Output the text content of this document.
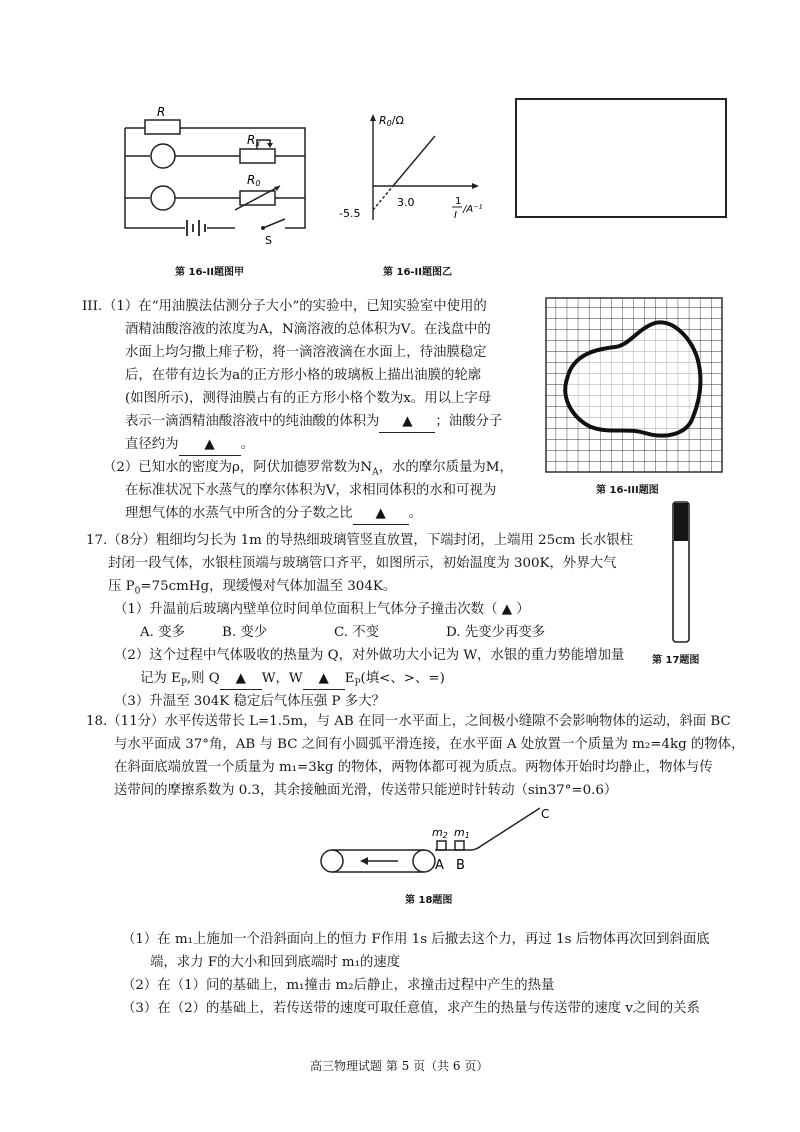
R
Rx
R0
S
第 16-II题图甲
R0/Ω
-5.5
3.0	1
I
/A⁻¹
第 16-II题图乙
III. （1）在“用油膜法估测分子大小”的实验中，已知实验室中使用的
酒精油酸溶液的浓度为A，N滴溶液的总体积为V。在浅盘中的
水面上均匀撒上痱子粉，将一滴溶液滴在水面上，待油膜稳定
后，在带有边长为a的正方形小格的玻璃板上描出油膜的轮廓
(如图所示)，测得油膜占有的正方形小格个数为x。用以上字母
表示一滴酒精油酸溶液中的纯油酸的体积为 ▲ ；油酸分子
直径约为 ▲ 。
（2）已知水的密度为ρ，阿伏加德罗常数为$N_A$，水的摩尔质量为M，
在标准状况下水蒸气的摩尔体积为V，求相同体积的水和可视为
理想气体的水蒸气中所含的分子数之比 ▲ 。
第 16-III题图
17.（8分）粗细均匀长为 1m 的导热细玻璃管竖直放置，下端封闭，上端用 25cm 长水银柱
封闭一段气体，水银柱顶端与玻璃管口齐平，如图所示，初始温度为 300K，外界大气
压 $P_0=75cmHg$，现缓慢对气体加温至 304K。
（1）升温前后玻璃内壁单位时间单位面积上气体分子撞击次数（ ▲ ）
A. 变多	B. 变少	C. 不变	D. 先变少再变多
（2）这个过程中气体吸收的热量为 Q，对外做功大小记为 W，水银的重力势能增加量
记为 $E_P$,则 Q ▲ W，W ▲ $E_P$(填<、>、=)
（3）升温至 304K 稳定后气体压强 P 多大？
第 17题图
18.（11分）水平传送带长 L=1.5m，与 AB 在同一水平面上，之间极小缝隙不会影响物体的运动，斜面 BC
与水平面成 37°角，AB 与 BC 之间有小圆弧平滑连接，在水平面 A 处放置一个质量为 m₂=4kg 的物体，
在斜面底端放置一个质量为 m₁=3kg 的物体，两物体都可视为质点。两物体开始时均静止，物体与传
送带间的摩擦系数为 0.3，其余接触面光滑，传送带只能逆时针转动（sin37°=0.6）
m2 m1
A B
C
第 18题图
（1）在 m₁上施加一个沿斜面向上的恒力 F作用 1s 后撤去这个力，再过 1s 后物体再次回到斜面底
端，求力 F的大小和回到底端时 m₁的速度
（2）在（1）问的基础上，m₁撞击 m₂后静止，求撞击过程中产生的热量
（3）在（2）的基础上，若传送带的速度可取任意值，求产生的热量与传送带的速度 v之间的关系
高三物理试题 第 5 页（共 6 页）
